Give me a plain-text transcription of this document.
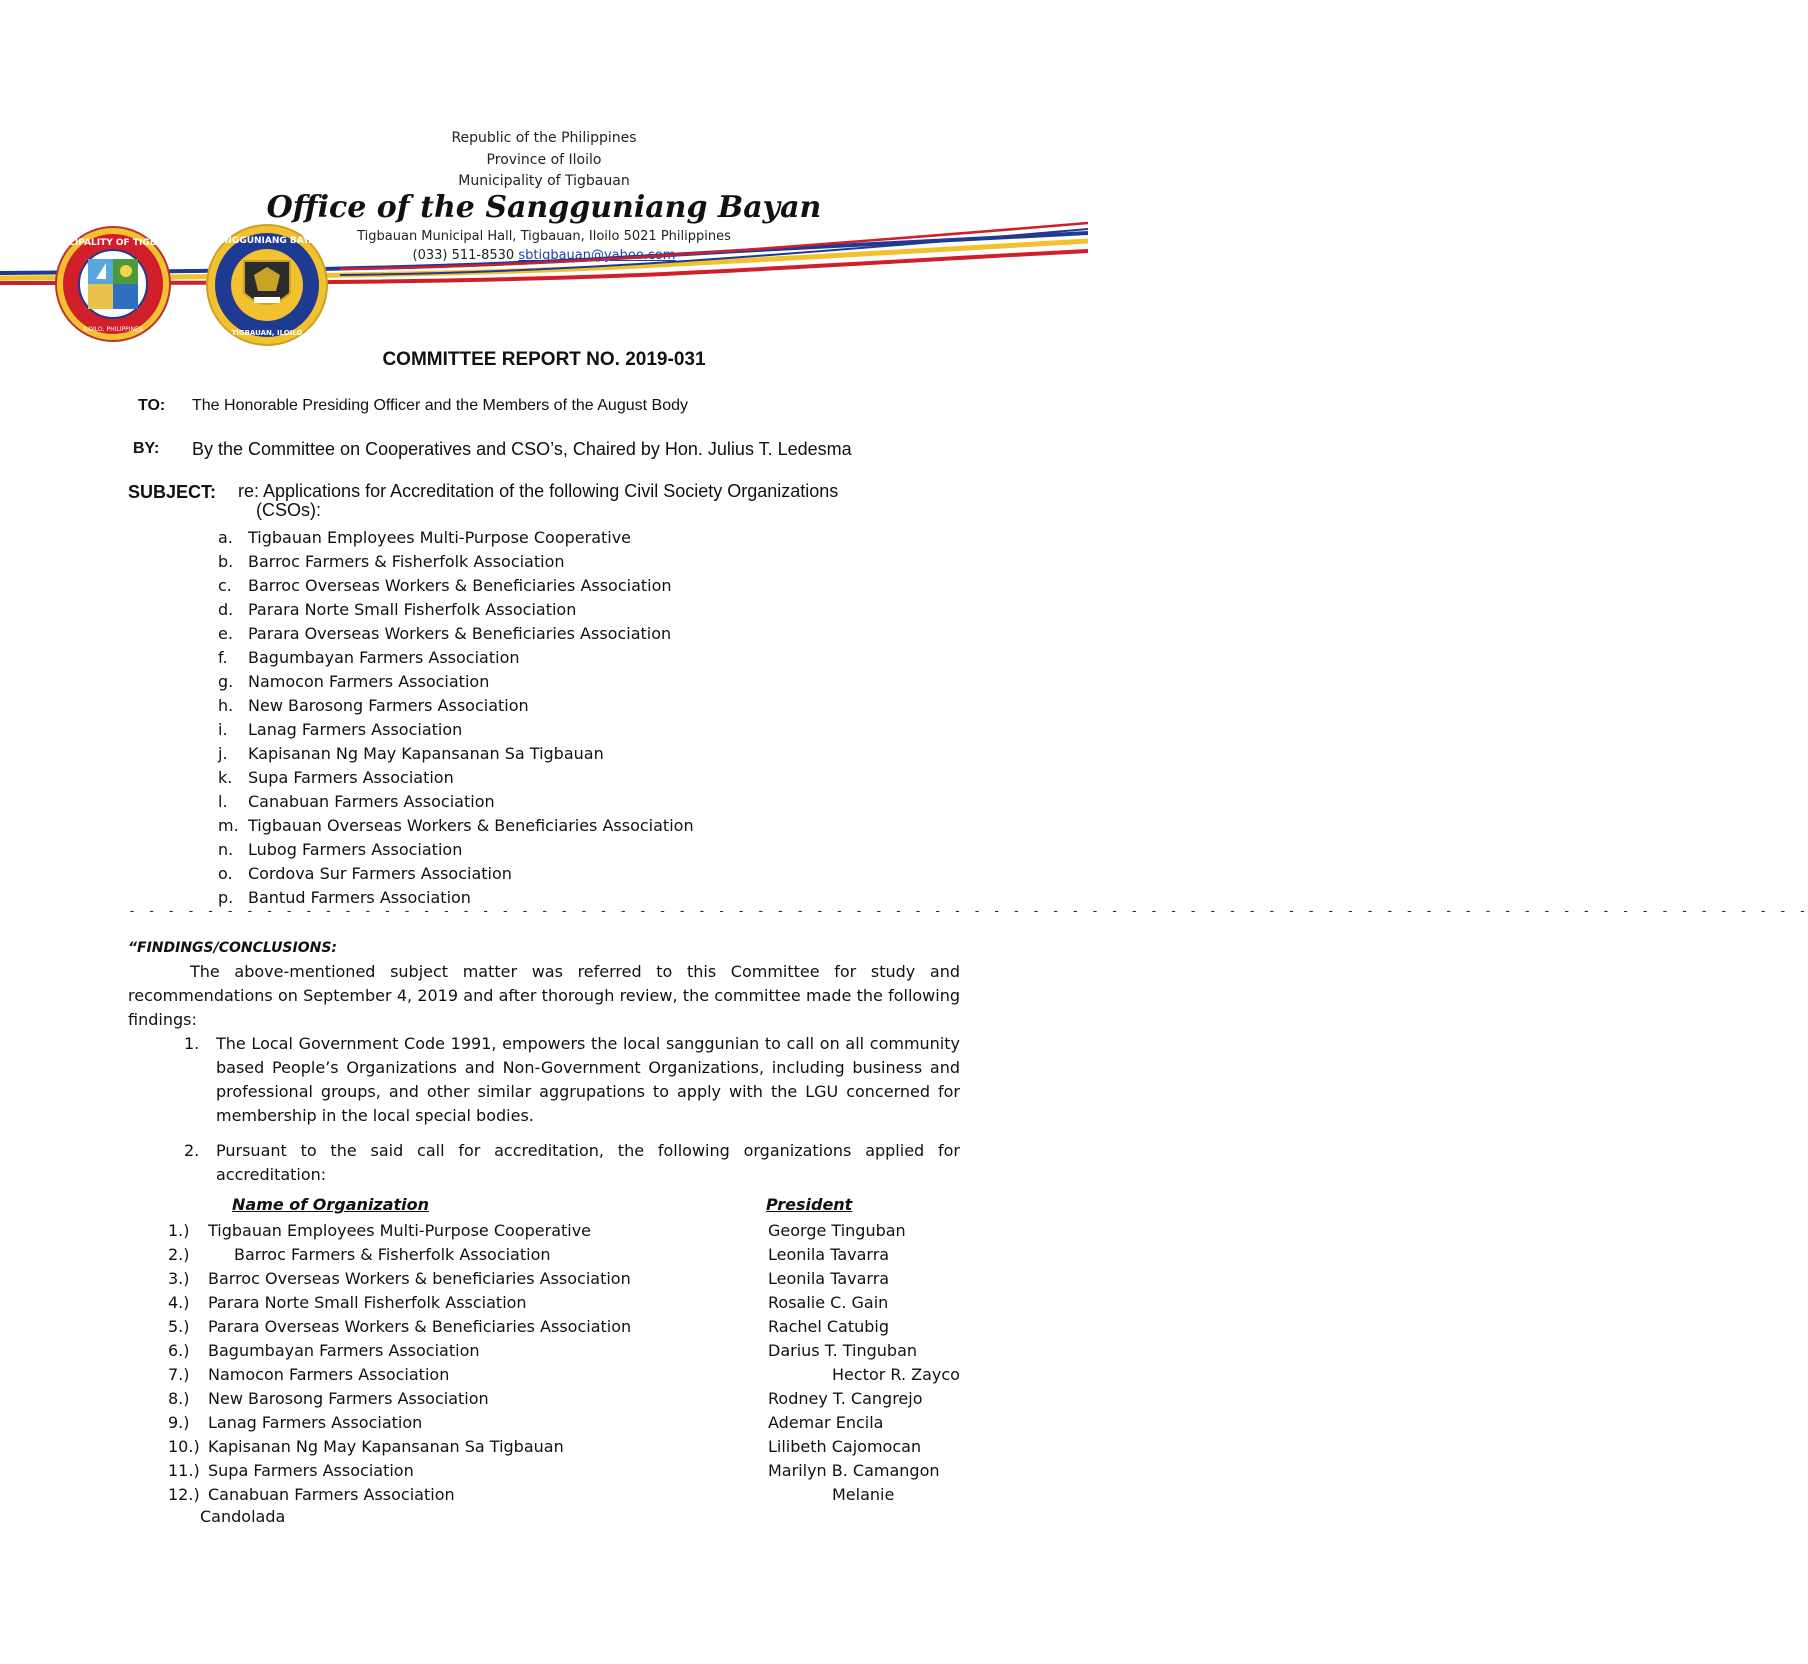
Republic of the Philippines
Province of Iloilo
Municipality of Tigbauan
Office of the Sangguniang Bayan
Tigbauan Municipal Hall, Tigbauan, Iloilo 5021 Philippines
(033) 511-8530 sbtigbauan@yahoo.com
MUNICIPALITY OF TIGBAUAN
ILOILO, PHILIPPINES
SANGGUNIANG BAYAN
TIGBAUAN, ILOILO
COMMITTEE REPORT NO. 2019-031
TO: The Honorable Presiding Officer and the Members of the August Body
BY: By the Committee on Cooperatives and CSO’s, Chaired by Hon. Julius T. Ledesma
SUBJECT: re: Applications for Accreditation of the following Civil Society Organizations
(CSOs):
a. Tigbauan Employees Multi-Purpose Cooperative
b. Barroc Farmers & Fisherfolk Association
c.	Barroc Overseas Workers & Beneficiaries Association
d. Parara Norte Small Fisherfolk Association
e. Parara Overseas Workers & Beneficiaries Association
f.	Bagumbayan Farmers Association
g. Namocon Farmers Association
h. New Barosong Farmers Association
i.	Lanag Farmers Association
j.	Kapisanan Ng May Kapansanan Sa Tigbauan
k. Supa Farmers Association
l.	Canabuan Farmers Association
m. Tigbauan Overseas Workers & Beneficiaries Association
n. Lubog Farmers Association
o. Cordova Sur Farmers Association
p. Bantud Farmers Association
- - - - - - - - - - - - - - - - - - - - - - - - - - - - - - - - - - - - - - - - - - - - - - - - - - - - - - - - - - - - - - - - - - - - - - - - - - - - - - - - - - - - - -
“FINDINGS/CONCLUSIONS:
The above-mentioned subject matter was referred to this Committee for study and recommendations on September 4, 2019 and after thorough review, the committee made the following findings:
1.	The Local Government Code 1991, empowers the local sanggunian to call on all community based People’s Organizations and Non-Government Organizations, including business and professional groups, and other similar aggrupations to apply with the LGU concerned for membership in the local special bodies.
2.	Pursuant to the said call for accreditation, the following organizations applied for accreditation:
Name of Organization	President
1.) Tigbauan Employees Multi-Purpose Cooperative	George Tinguban
2.)	Barroc Farmers & Fisherfolk Association	Leonila Tavarra
3.) Barroc Overseas Workers & beneficiaries Association	Leonila Tavarra
4.) Parara Norte Small Fisherfolk Assciation	Rosalie C. Gain
5.) Parara Overseas Workers & Beneficiaries Association	Rachel Catubig
6.) Bagumbayan Farmers Association	Darius T. Tinguban
7.) Namocon Farmers Association	Hector R. Zayco
8.) New Barosong Farmers Association	Rodney T. Cangrejo
9.) Lanag Farmers Association	Ademar Encila
10.) Kapisanan Ng May Kapansanan Sa Tigbauan	Lilibeth Cajomocan
11.) Supa Farmers Association	Marilyn B. Camangon
12.) Canabuan Farmers Association	Melanie
Candolada
